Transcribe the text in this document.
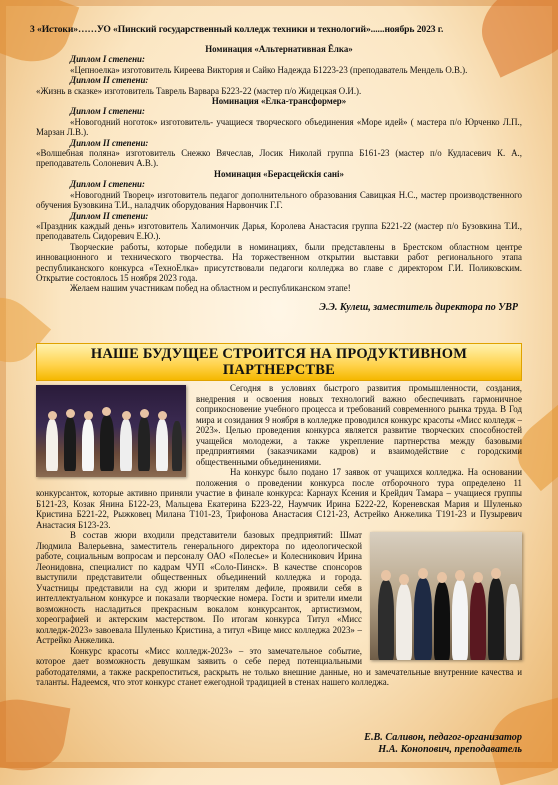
3 «Истоки»……УО «Пинский государственный колледж техники и технологий»......ноябрь 2023 г.

Номинация «Альтернативная Ёлка»

Диплом I степени:

«Цепноелка» изготовитель Киреева Виктория и Сайко Надежда Б1223-23 (преподаватель Мендель О.В.).

Диплом II степени:

«Жизнь в сказке» изготовитель Таврель Варвара Б223-22 (мастер п/о Жидецкая О.И.).

Номинация «Елка-трансформер»

Диплом I степени:

«Новогодний ноготок» изготовитель- учащиеся творческого объединения «Море идей» ( мастера п/о Юрченко Л.П., Марзан Л.В.).

Диплом II степени:

«Волшебная поляна» изготовитель Снежко Вячеслав, Лосик Николай группа Б161-23 (мастер п/о Кудласевич К. А., преподаватель Солоневич А.В.).

Номинация «Берасцейскія сані»

Диплом I степени:

«Новогодний Творец» изготовитель педагог дополнительного образования Савицкая Н.С., мастер производственного обучения Бузовкина Т.И., наладчик оборудования Нарвончик Г.Г.

Диплом II степени:

«Праздник каждый день» изготовитель Халимончик Дарья, Королева Анастасия группа Б221-22 (мастер п/о Бузовкина Т.И., преподаватель Сидоревич Е.Ю.).

Творческие работы, которые победили в номинациях, были представлены в Брестском областном центре инновационного и технического творчества. На торжественном открытии выставки работ регионального этапа республиканского конкурса «ТехноЕлка» присутствовали педагоги колледжа во главе с директором Г.И. Поликовским. Открытие состоялось 15 ноября 2023 года.

Желаем нашим участникам побед на областном и республиканском этапе!

Э.Э. Кулеш, заместитель директора по УВР

НАШЕ БУДУЩЕЕ СТРОИТСЯ НА ПРОДУКТИВНОМ
ПАРТНЕРСТВЕ

Сегодня в условиях быстрого развития промышленности, создания, внедрения и освоения новых технологий важно обеспечивать гармоничное соприкосновение учебного процесса и требований современного рынка труда. В Год мира и созидания 9 ноября в колледже проводился конкурс красоты «Мисс колледж – 2023». Целью проведения конкурса является развитие творческих способностей учащейся молодежи, а также укрепление партнерства между базовыми предприятиями (заказчиками кадров) и взаимодействие с городскими общественными объединениями.

На конкурс было подано 17 заявок от учащихся колледжа. На основании положения о проведении конкурса после отборочного тура определено 11 конкурсанток, которые активно приняли участие в финале конкурса: Карнаух Ксения и Крейдич Тамара – учащиеся группы Б121-23, Козак Янина Б122-23, Мальцева Екатерина Б223-22, Наумчик Ирина Б222-22, Кореневская Мария и Шуленько Кристина Б221-22, Рыжковец Милана Т101-23, Трифонова Анастасия С121-23, Астрейко Анжелика Т191-23 и Пузыревич Анастасия Б123-23.

В состав жюри входили представители базовых предприятий: Шмат Людмила Валерьевна, заместитель генерального директора по идеологической работе, социальным вопросам и персоналу ОАО «Полесье» и Колесникович Ирина Леонидовна, специалист по кадрам ЧУП «Соло-Пинск». В качестве спонсоров выступили представители общественных объединений колледжа и города. Участницы представили на суд жюри и зрителям дефиле, проявили себя в интеллектуальном конкурсе и показали творческие номера. Гости и зрители имели возможность насладиться прекрасным вокалом конкурсанток, артистизмом, хореографией и актерским мастерством. По итогам конкурса Титул «Мисс колледж-2023» завоевала Шуленько Кристина, а титул «Вице мисс колледжа 2023» – Астрейко Анжелика.

Конкурс красоты «Мисс колледж-2023» – это замечательное событие, которое дает возможность девушкам заявить о себе перед потенциальными работодателями, а также раскрепоститься, раскрыть не только внешние данные, но и замечательные внутренние качества и таланты. Надеемся, что этот конкурс станет ежегодной традицией в стенах нашего колледжа.

Е.В. Саливон, педагог-организатор
Н.А. Конопович, преподаватель
